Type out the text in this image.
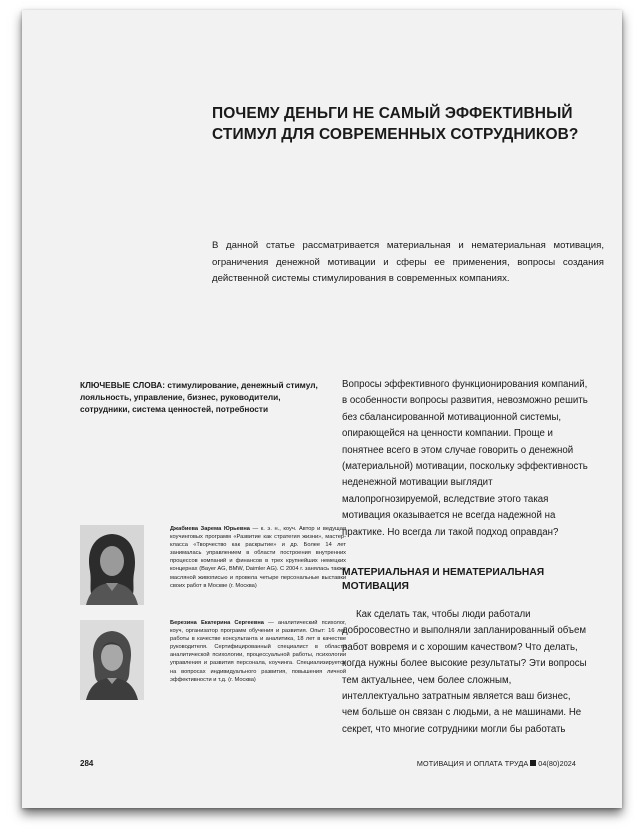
ПОЧЕМУ ДЕНЬГИ НЕ САМЫЙ ЭФФЕКТИВНЫЙ СТИМУЛ ДЛЯ СОВРЕМЕННЫХ СОТРУДНИКОВ?

В данной статье рассматривается материальная и нематериальная мотивация, ограничения денежной мотивации и сферы ее применения, вопросы создания действенной системы стимулирования в современных компаниях.

КЛЮЧЕВЫЕ СЛОВА: стимулирование, денежный стимул, лояльность, управление, бизнес, руководители, сотрудники, система ценностей, потребности

Вопросы эффективного функционирования компаний, в особенности вопросы развития, невозможно решить без сбалансированной мотивационной системы, опирающейся на ценности компании. Проще и понятнее всего в этом случае говорить о денежной (материальной) мотивации, поскольку эффективность неденежной мотивации выглядит малопрогнозируемой, вследствие этого такая мотивация оказывается не всегда надежной на практике. Но всегда ли такой подход оправдан?

МАТЕРИАЛЬНАЯ И НЕМАТЕРИАЛЬНАЯ МОТИВАЦИЯ

Как сделать так, чтобы люди работали добросовестно и выполняли запланированный объем работ вовремя и с хорошим качеством? Что делать, когда нужны более высокие результаты? Эти вопросы тем актуальнее, чем более сложным, интеллектуально затратным является ваш бизнес, чем больше он связан с людьми, а не машинами. Не секрет, что многие сотрудники могли бы работать

Джабиева Зарема Юрьевна — к. э. н., коуч. Автор и ведущая коучинговых программ «Развитие как стратегия жизни», мастер-класса «Творчество как раскрытие» и др. Более 14 лет занималась управлением в области построения внутренних процессов компаний и финансов в трех крупнейших немецких концернах (Bayer AG, BMW, Daimler AG). С 2004 г. занялась также масляной живописью и провела четыре персональные выставки своих работ в Москве (г. Москва)

Березина Екатерина Сергеевна — аналитический психолог, коуч, организатор программ обучения и развития. Опыт: 16 лет работы в качестве консультанта и аналитика, 18 лет в качестве руководителя. Сертифицированный специалист в области аналитической психологии, процессуальной работы, психологии управления и развития персонала, коучинга. Специализируется на вопросах индивидуального развития, повышения личной эффективности и т.д. (г. Москва)

284	МОТИВАЦИЯ И ОПЛАТА ТРУДА 04(80)2024
